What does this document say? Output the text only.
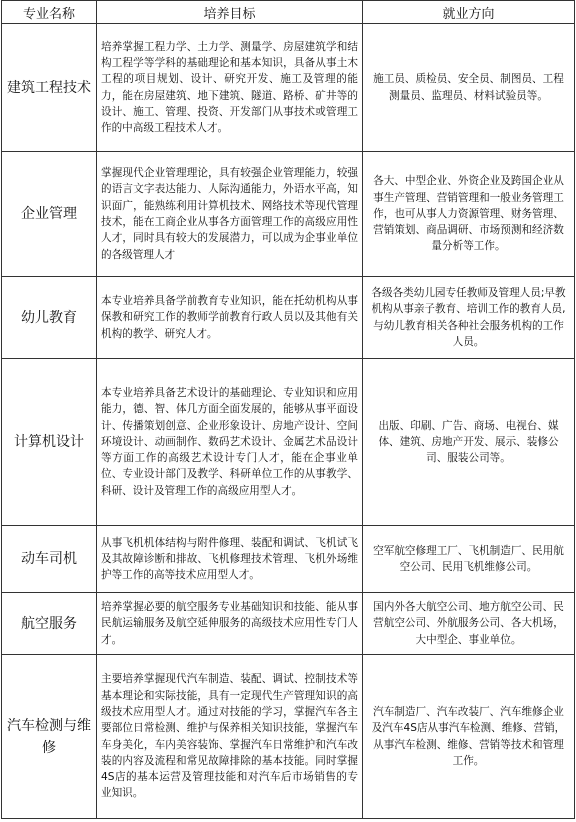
专业名称	培养目标	就业方向
建筑工程技术	培养掌握工程力学、土力学、测量学、房屋建筑学和结构工程学等学科的基础理论和基本知识，具备从事土木工程的项目规划、设计、研究开发、施工及管理的能力，能在房屋建筑、地下建筑、隧道、路桥、矿井等的设计、施工、管理、投资、开发部门从事技术或管理工作的中高级工程技术人才。	施工员、质检员、安全员、制图员、工程测量员、监理员、材料试验员等。
企业管理	掌握现代企业管理理论，具有较强企业管理能力，较强的语言文字表达能力、人际沟通能力，外语水平高，知识面广，能熟练利用计算机技术、网络技术等现代管理技术，能在工商企业从事各方面管理工作的高级应用性人才，同时具有较大的发展潜力，可以成为企事业单位的各级管理人才	各大、中型企业、外资企业及跨国企业从事生产管理、营销管理和一般业务管理工作，也可从事人力资源管理、财务管理、营销策划、商品调研、市场预测和经济数量分析等工作。
幼儿教育	本专业培养具备学前教育专业知识，能在托幼机构从事保教和研究工作的教师学前教育行政人员以及其他有关机构的教学、研究人才。	各级各类幼儿园专任教师及管理人员;早教机构从事亲子教育、培训工作的教育人员,与幼儿教育相关各种社会服务机构的工作人员。
计算机设计	本专业培养具备艺术设计的基础理论、专业知识和应用能力，德、智、体几方面全面发展的，能够从事平面设计、传播策划创意、企业形象设计、房地产设计、空间环境设计、动画制作、数码艺术设计、金属艺术品设计等方面工作的高级艺术设计专门人才，能在企事业单位、专业设计部门及教学、科研单位工作的从事教学、科研、设计及管理工作的高级应用型人才。	出版、印刷、广告、商场、电视台、媒体、建筑、房地产开发、展示、装修公司、服装公司等。
动车司机	从事飞机机体结构与附件修理、装配和调试、飞机试飞及其故障诊断和排故、飞机修理技术管理、飞机外场维护等工作的高等技术应用型人才。	空军航空修理工厂、飞机制造厂、民用航空公司、民用飞机维修公司。
航空服务	培养掌握必要的航空服务专业基础知识和技能、能从事民航运输服务及航空延伸服务的高级技术应用性专门人才。	国内外各大航空公司、地方航空公司、民营航空公司、外航服务公司、各大机场，大中型企、事业单位。
汽车检测与维修	主要培养掌握现代汽车制造、装配、调试、控制技术等基本理论和实际技能，具有一定现代生产管理知识的高级技术应用型人才。通过对技能的学习，掌握汽车各主要部位日常检测、维护与保养相关知识技能，掌握汽车车身美化，车内美容装饰、掌握汽车日常维护和汽车改装的内容及流程和常见故障排除的基本技能。同时掌握4S店的基本运营及管理技能和对汽车后市场销售的专业知识。	汽车制造厂、汽车改装厂、汽车维修企业及汽车4S店从事汽车检测、维修、营销，从事汽车检测、维修、营销等技术和管理工作。
